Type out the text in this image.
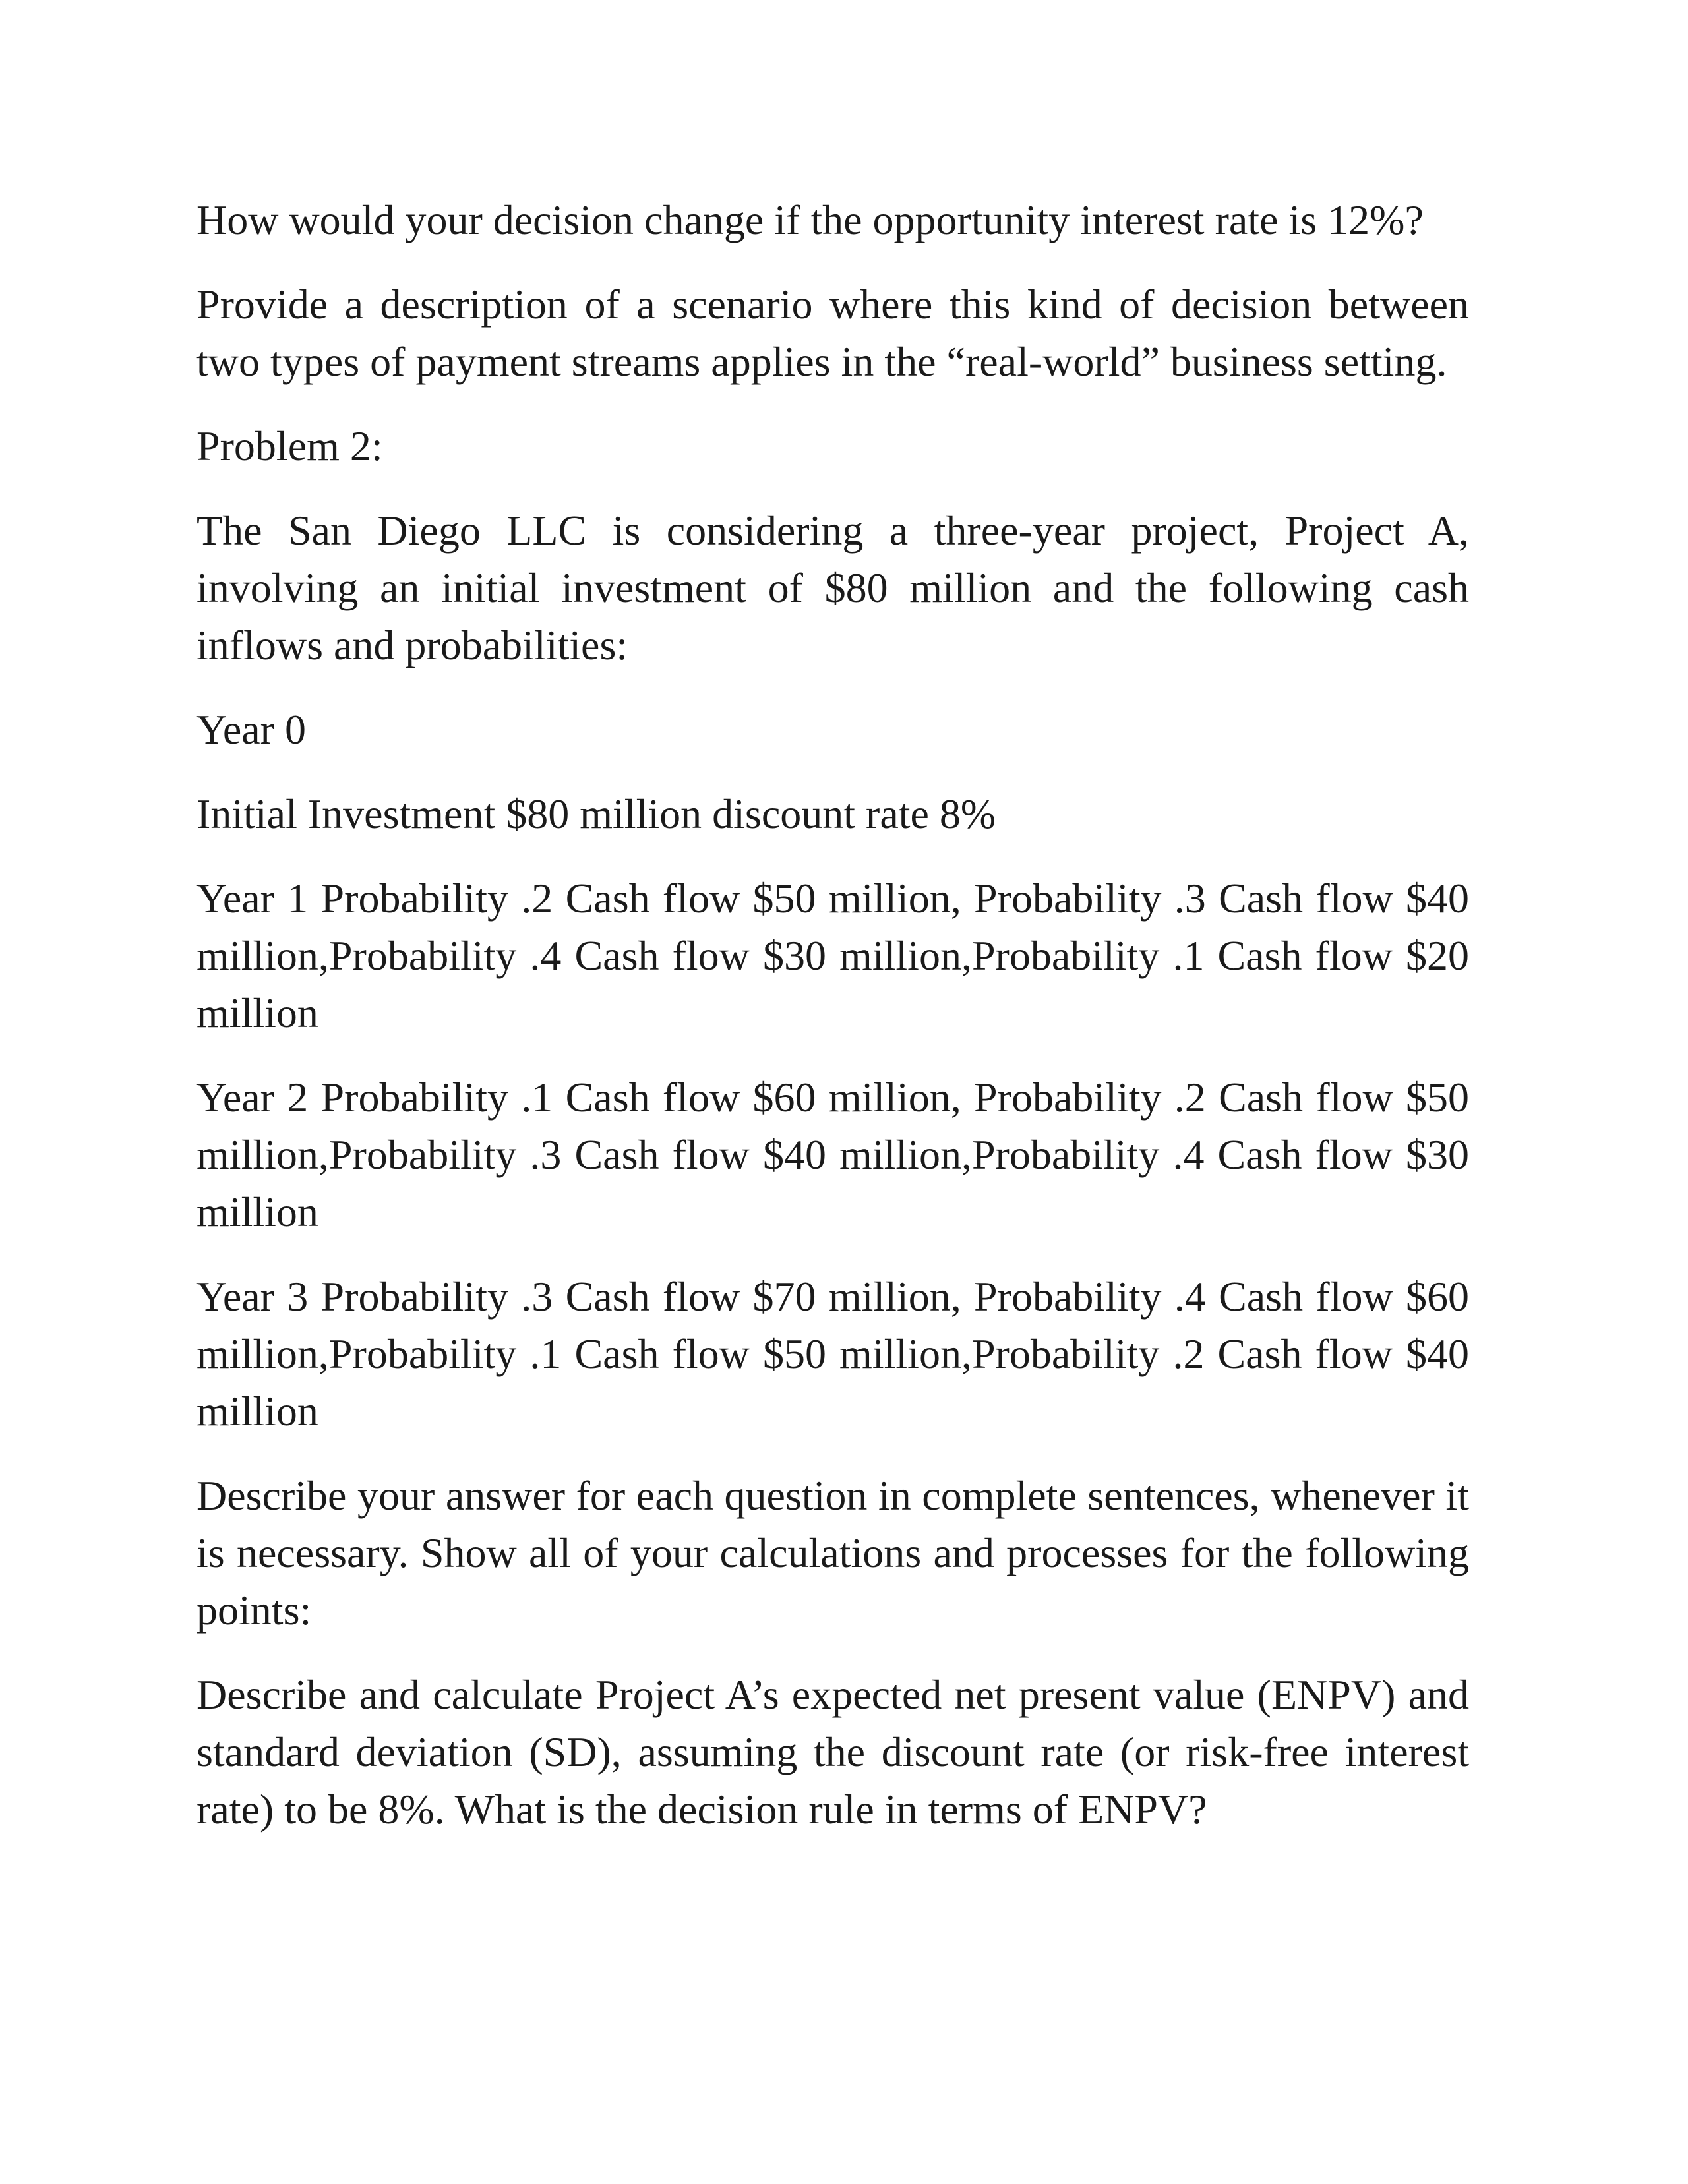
How would your decision change if the opportunity interest rate is 12%?

Provide a description of a scenario where this kind of decision between two types of payment streams applies in the “real-world” business setting.

Problem 2:

The San Diego LLC is considering a three-year project, Project A, involving an initial investment of $80 million and the following cash inflows and probabilities:

Year 0

Initial Investment $80 million discount rate 8%

Year 1 Probability .2 Cash flow $50 million, Probability .3 Cash flow $40 million,Probability .4 Cash flow $30 million,Probability .1 Cash flow $20 million

Year 2 Probability .1 Cash flow $60 million, Probability .2 Cash flow $50 million,Probability .3 Cash flow $40 million,Probability .4 Cash flow $30 million

Year 3 Probability .3 Cash flow $70 million, Probability .4 Cash flow $60 million,Probability .1 Cash flow $50 million,Probability .2 Cash flow $40 million

Describe your answer for each question in complete sentences, whenever it is necessary. Show all of your calculations and processes for the following points:

Describe and calculate Project A’s expected net present value (ENPV) and standard deviation (SD), assuming the discount rate (or risk-free interest rate) to be 8%. What is the decision rule in terms of ENPV?
